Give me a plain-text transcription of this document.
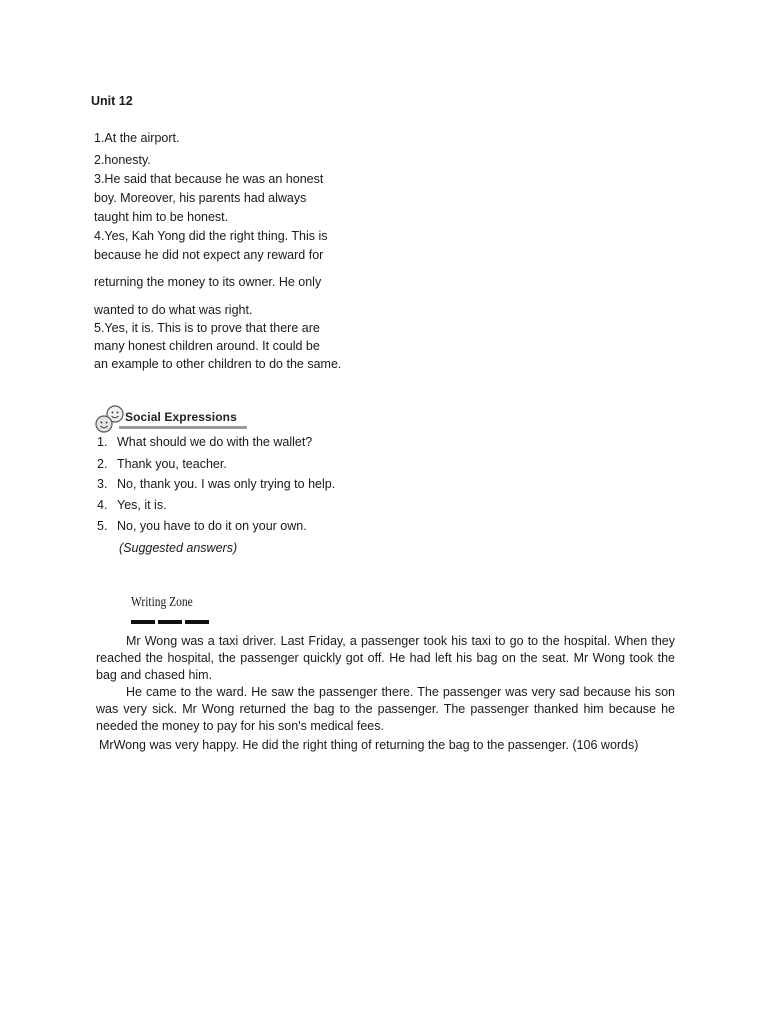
Unit 12
1.At the airport.
2.honesty.
3.He said that because he was an honest
boy. Moreover, his parents had always
taught him to be honest.
4.Yes, Kah Yong did the right thing. This is
because he did not expect any reward for
returning the money to its owner. He only
wanted to do what was right.
5.Yes, it is. This is to prove that there are
many honest children around. It could be
an example to other children to do the same.
Social Expressions
1. What should we do with the wallet?
2. Thank you, teacher.
3. No, thank you. I was only trying to help.
4. Yes, it is.
5. No, you have to do it on your own.
(Suggested answers)
Writing Zone

Mr Wong was a taxi driver. Last Friday, a passenger took his taxi to go to the hospital. When they reached the hospital, the passenger quickly got off. He had left his bag on the seat. Mr Wong took the bag and chased him.

He came to the ward. He saw the passenger there. The passenger was very sad because his son was very sick. Mr Wong returned the bag to the passenger. The passenger thanked him because he needed the money to pay for his son's medical fees.

MrWong was very happy. He did the right thing of returning the bag to the passenger. (106 words)
